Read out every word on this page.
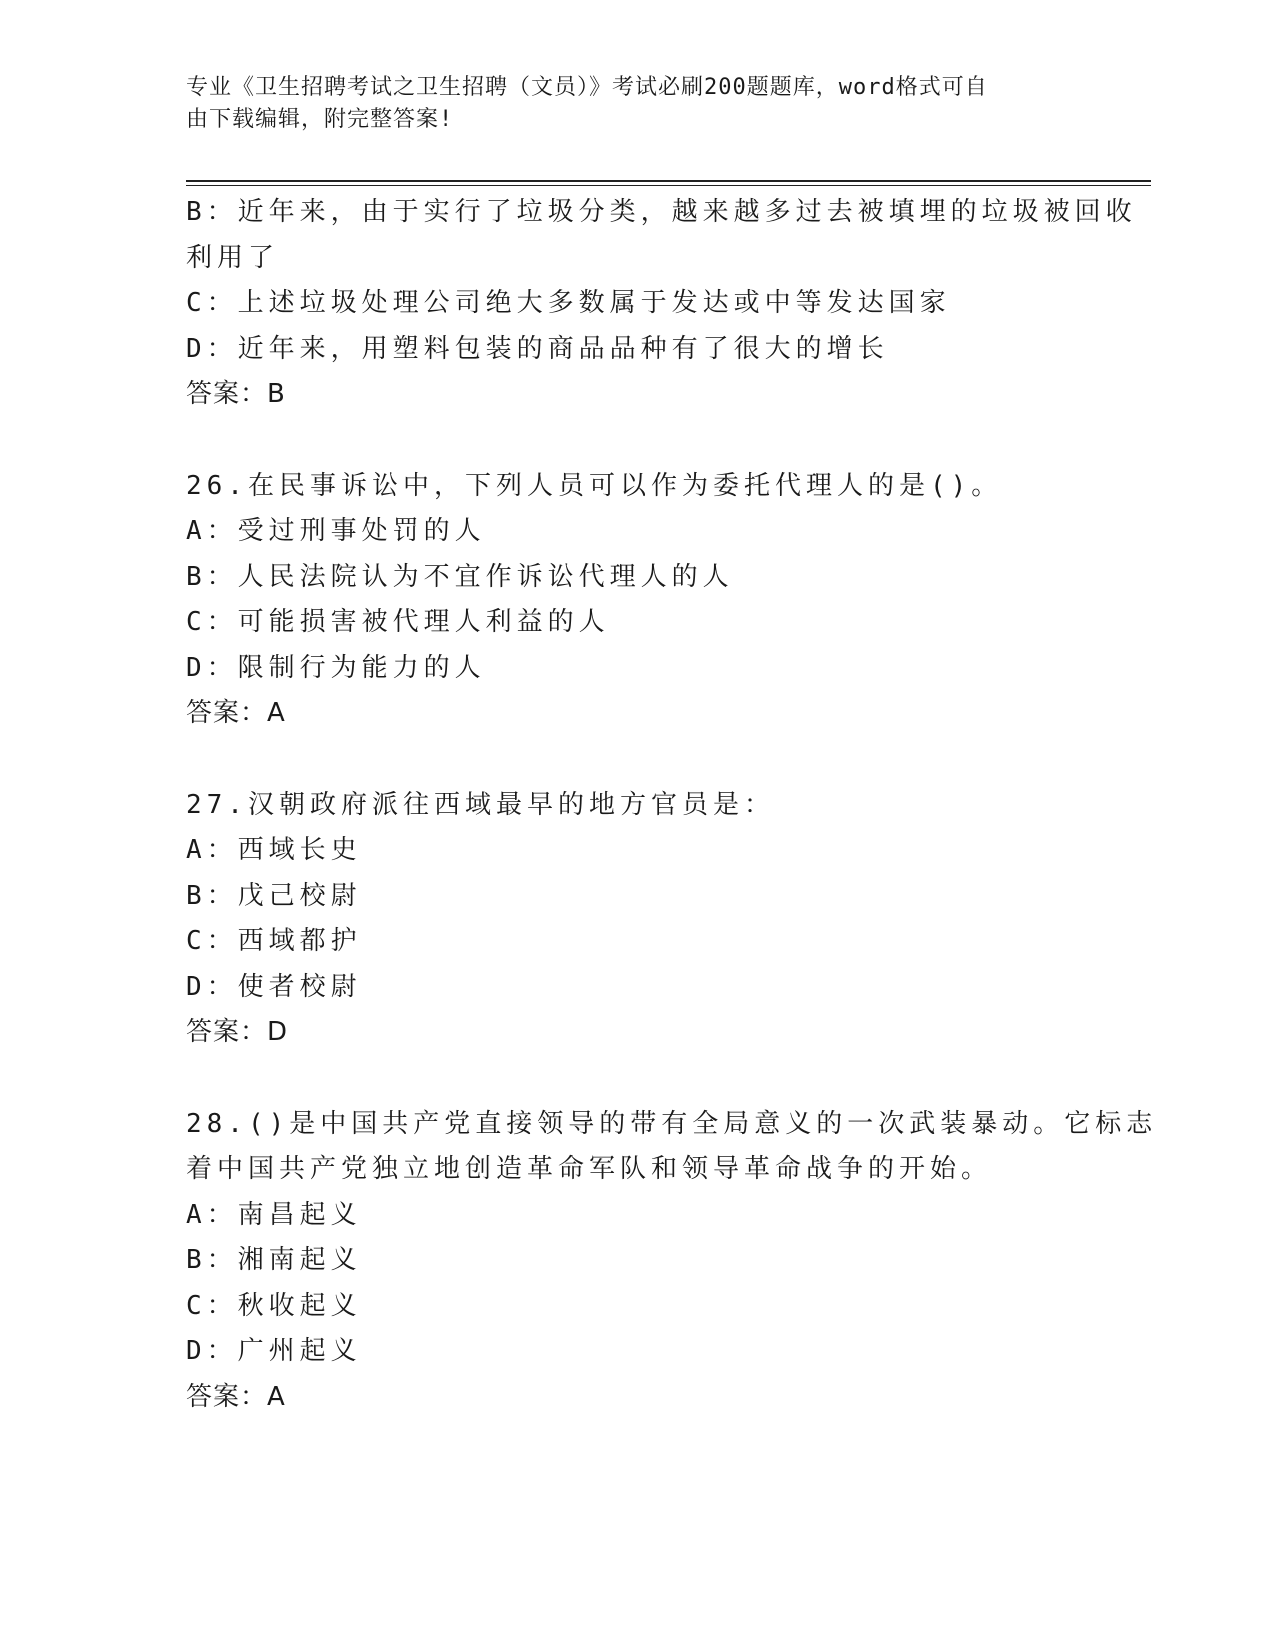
专业《卫生招聘考试之卫生招聘（文员）》考试必刷200题题库，word格式可自
由下载编辑，附完整答案!
B：近年来，由于实行了垃圾分类，越来越多过去被填埋的垃圾被回收
利用了
C：上述垃圾处理公司绝大多数属于发达或中等发达国家
D：近年来，用塑料包装的商品品种有了很大的增长
答案：B
26.在民事诉讼中，下列人员可以作为委托代理人的是()。
A：受过刑事处罚的人
B：人民法院认为不宜作诉讼代理人的人
C：可能损害被代理人利益的人
D：限制行为能力的人
答案：A
27.汉朝政府派往西域最早的地方官员是：
A：西域长史
B：戊己校尉
C：西域都护
D：使者校尉
答案：D
28.()是中国共产党直接领导的带有全局意义的一次武装暴动。它标志
着中国共产党独立地创造革命军队和领导革命战争的开始。
A：南昌起义
B：湘南起义
C：秋收起义
D：广州起义
答案：A
